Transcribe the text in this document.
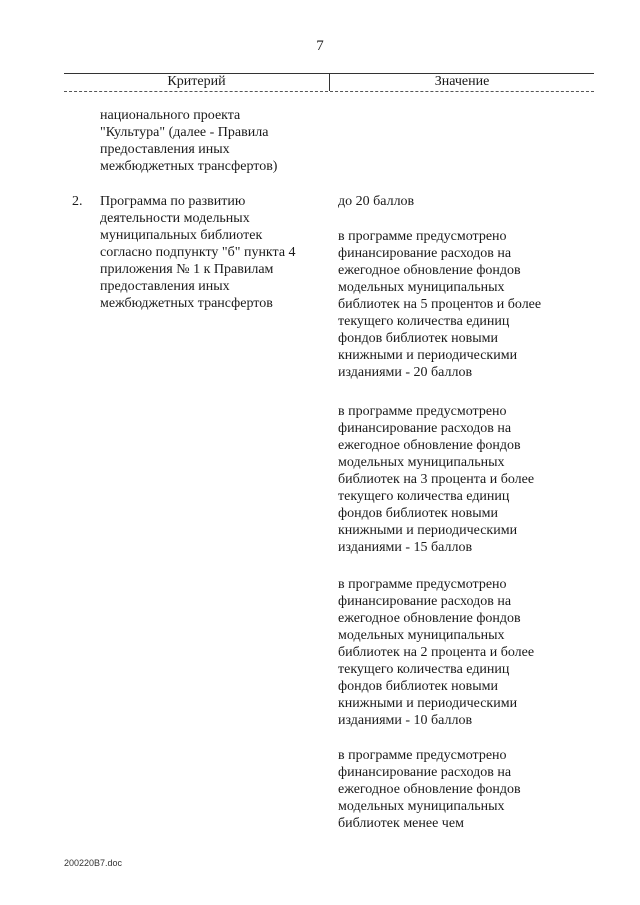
7
Критерий	Значение
национального проекта
"Культура" (далее - Правила
предоставления иных
межбюджетных трансфертов)
2. Программа по развитию
деятельности модельных
муниципальных библиотек
согласно подпункту "б" пункта 4
приложения № 1 к Правилам
предоставления иных
межбюджетных трансфертов
до 20 баллов
в программе предусмотрено
финансирование расходов на
ежегодное обновление фондов
модельных муниципальных
библиотек на 5 процентов и более
текущего количества единиц
фондов библиотек новыми
книжными и периодическими
изданиями - 20 баллов
в программе предусмотрено
финансирование расходов на
ежегодное обновление фондов
модельных муниципальных
библиотек на 3 процента и более
текущего количества единиц
фондов библиотек новыми
книжными и периодическими
изданиями - 15 баллов
в программе предусмотрено
финансирование расходов на
ежегодное обновление фондов
модельных муниципальных
библиотек на 2 процента и более
текущего количества единиц
фондов библиотек новыми
книжными и периодическими
изданиями - 10 баллов
в программе предусмотрено
финансирование расходов на
ежегодное обновление фондов
модельных муниципальных
библиотек менее чем
200220B7.doc
